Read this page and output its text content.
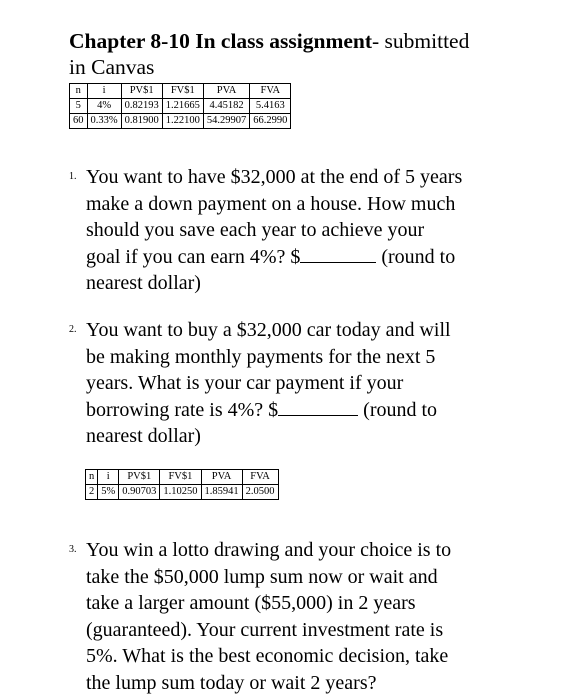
Chapter 8-10 In class assignment- submitted
in Canvas
n	i	PV$1	FV$1	PVA	FVA
5	4%	0.82193	1.21665	4.45182	5.4163
60	0.33%	0.81900	1.22100	54.29907	66.2990
1. You want to have $32,000 at the end of 5 years
make a down payment on a house. How much
should you save each year to achieve your
goal if you can earn 4%? $	(round to
nearest dollar)
2. You want to buy a $32,000 car today and will
be making monthly payments for the next 5
years. What is your car payment if your
borrowing rate is 4%? $	(round to
nearest dollar)
n	i	PV$1	FV$1	PVA	FVA
2	5%	0.90703	1.10250	1.85941	2.0500
3. You win a lotto drawing and your choice is to
take the $50,000 lump sum now or wait and
take a larger amount ($55,000) in 2 years
(guaranteed). Your current investment rate is
5%. What is the best economic decision, take
the lump sum today or wait 2 years?
